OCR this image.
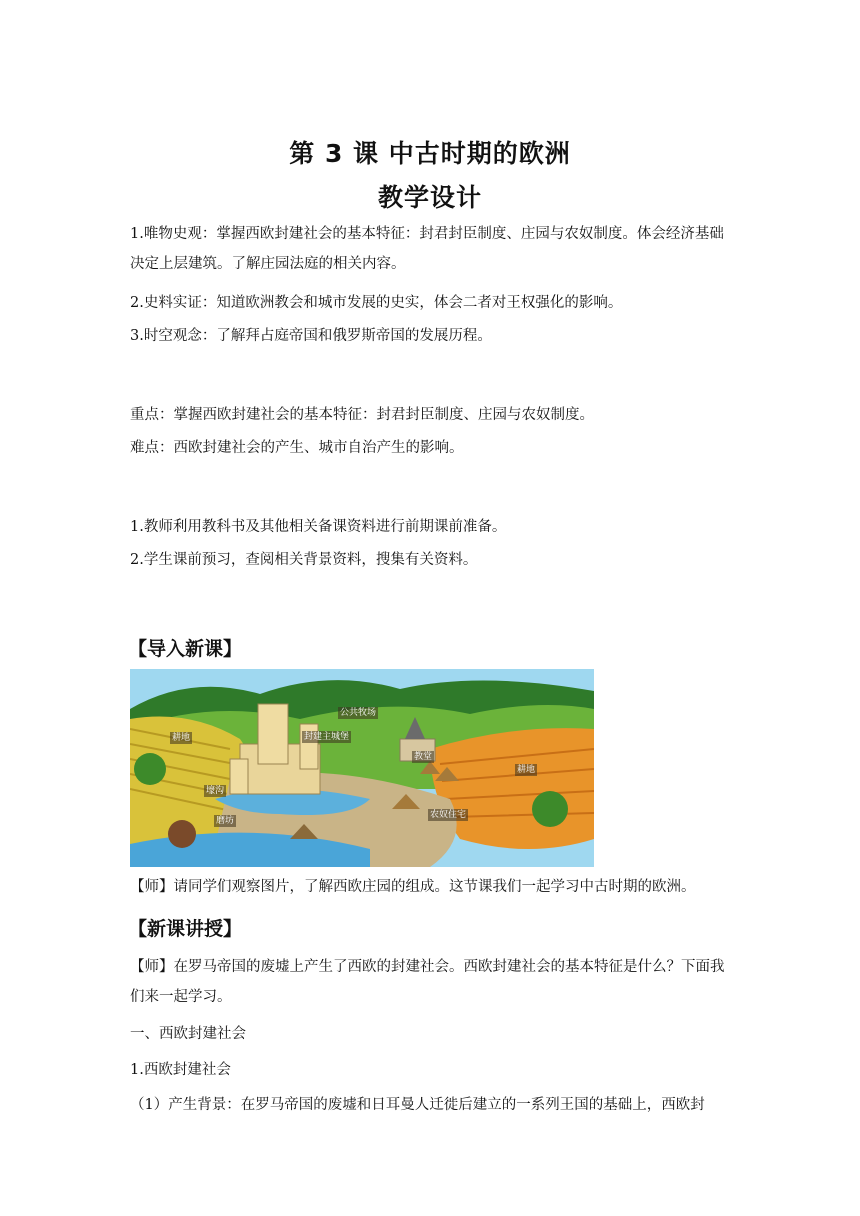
第 3 课 中古时期的欧洲
教学设计
1.唯物史观：掌握西欧封建社会的基本特征：封君封臣制度、庄园与农奴制度。体会经济基础决定上层建筑。了解庄园法庭的相关内容。
2.史料实证：知道欧洲教会和城市发展的史实，体会二者对王权强化的影响。
3.时空观念：了解拜占庭帝国和俄罗斯帝国的发展历程。
重点：掌握西欧封建社会的基本特征：封君封臣制度、庄园与农奴制度。
难点：西欧封建社会的产生、城市自治产生的影响。
1.教师利用教科书及其他相关备课资料进行前期课前准备。
2.学生课前预习，查阅相关背景资料，搜集有关资料。
【导入新课】
公共牧场
封建主城堡
教堂
耕地
耕地
壕沟
磨坊
农奴住宅
【师】请同学们观察图片，了解西欧庄园的组成。这节课我们一起学习中古时期的欧洲。
【新课讲授】
【师】在罗马帝国的废墟上产生了西欧的封建社会。西欧封建社会的基本特征是什么？下面我们来一起学习。
一、西欧封建社会
1.西欧封建社会
（1）产生背景：在罗马帝国的废墟和日耳曼人迁徙后建立的一系列王国的基础上，西欧封
